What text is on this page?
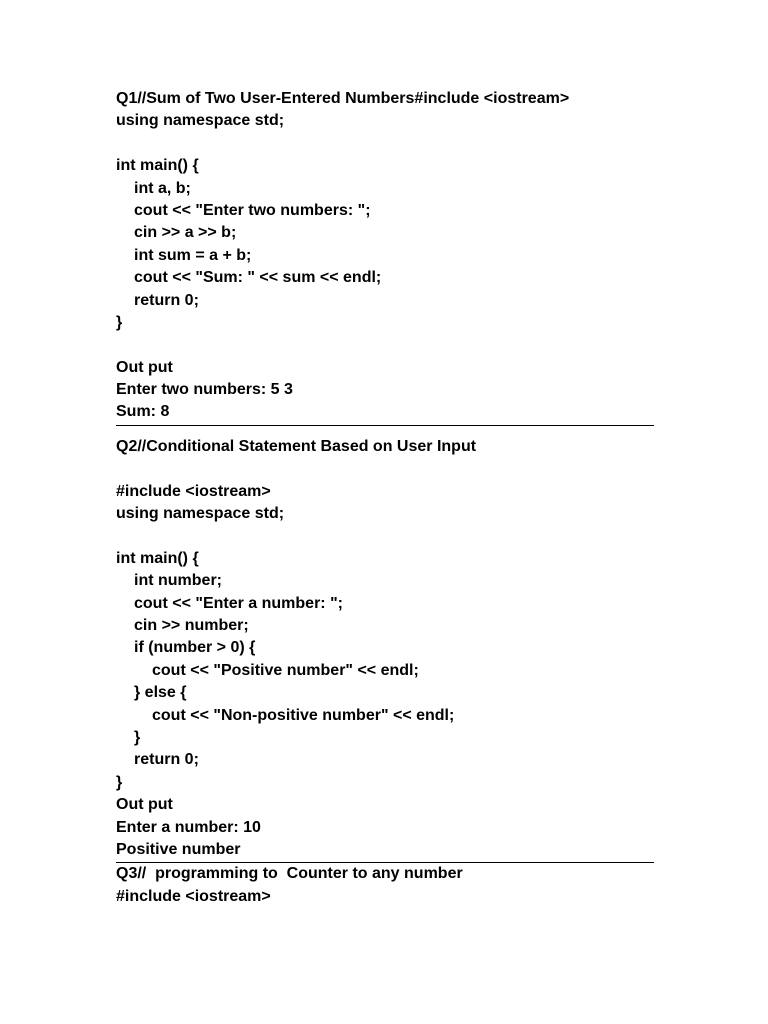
Q1//Sum of Two User-Entered Numbers#include <iostream>
using namespace std;
int main() {
int a, b;
cout << "Enter two numbers: ";
cin >> a >> b;
int sum = a + b;
cout << "Sum: " << sum << endl;
return 0;
}
Out put
Enter two numbers: 5 3
Sum: 8
Q2//Conditional Statement Based on User Input
#include <iostream>
using namespace std;
int main() {
int number;
cout << "Enter a number: ";
cin >> number;
if (number > 0) {
cout << "Positive number" << endl;
} else {
cout << "Non-positive number" << endl;
}
return 0;
}
Out put
Enter a number: 10
Positive number
Q3//  programming to  Counter to any number
#include <iostream>
